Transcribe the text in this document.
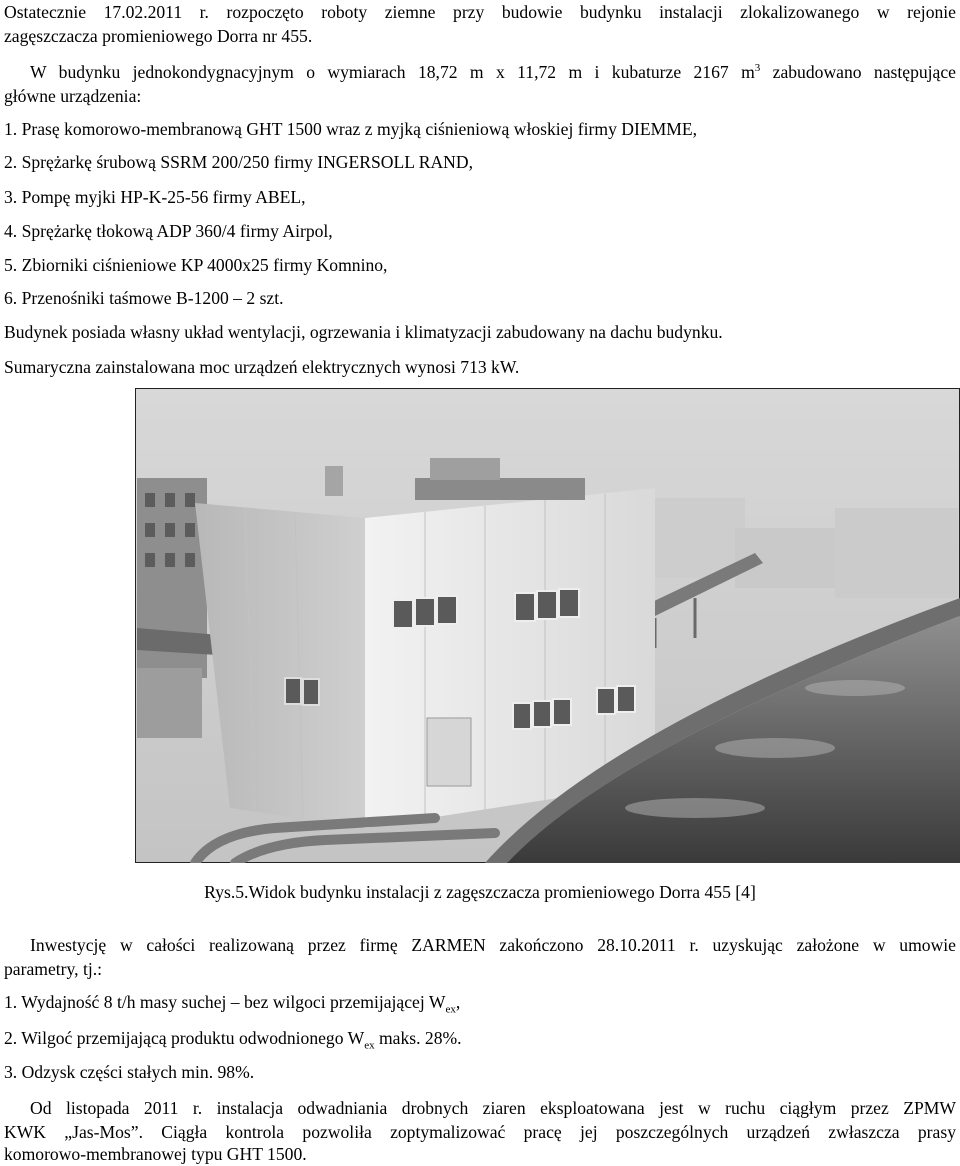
Ostatecznie 17.02.2011 r. rozpoczęto roboty ziemne przy budowie budynku instalacji zlokalizowanego w rejonie

zagęszczacza promieniowego Dorra nr 455.

W budynku jednokondygnacyjnym o wymiarach 18,72 m x 11,72 m i kubaturze 2167 $m^3$ zabudowano następujące

główne urządzenia:

1. Prasę komorowo-membranową GHT 1500 wraz z myjką ciśnieniową włoskiej firmy DIEMME,

2. Sprężarkę śrubową SSRM 200/250 firmy INGERSOLL RAND,

3. Pompę myjki HP-K-25-56 firmy ABEL,

4. Sprężarkę tłokową ADP 360/4 firmy Airpol,

5. Zbiorniki ciśnieniowe KP 4000x25 firmy Komnino,

6. Przenośniki taśmowe B-1200 – 2 szt.

Budynek posiada własny układ wentylacji, ogrzewania i klimatyzacji zabudowany na dachu budynku.

Sumaryczna zainstalowana moc urządzeń elektrycznych wynosi 713 kW.

Rys.5.Widok budynku instalacji z zagęszczacza promieniowego Dorra 455 [4]

Inwestycję w całości realizowaną przez firmę ZARMEN zakończono 28.10.2011 r. uzyskując założone w umowie

parametry, tj.:

1. Wydajność 8 t/h masy suchej – bez wilgoci przemijającej $W_{ex}$,

2. Wilgoć przemijającą produktu odwodnionego $W_{ex}$ maks. 28%.

3. Odzysk części stałych min. 98%.

Od listopada 2011 r. instalacja odwadniania drobnych ziaren eksploatowana jest w ruchu ciągłym przez ZPMW

KWK „Jas-Mos”. Ciągła kontrola pozwoliła zoptymalizować pracę jej poszczególnych urządzeń zwłaszcza prasy

komorowo-membranowej typu GHT 1500.
